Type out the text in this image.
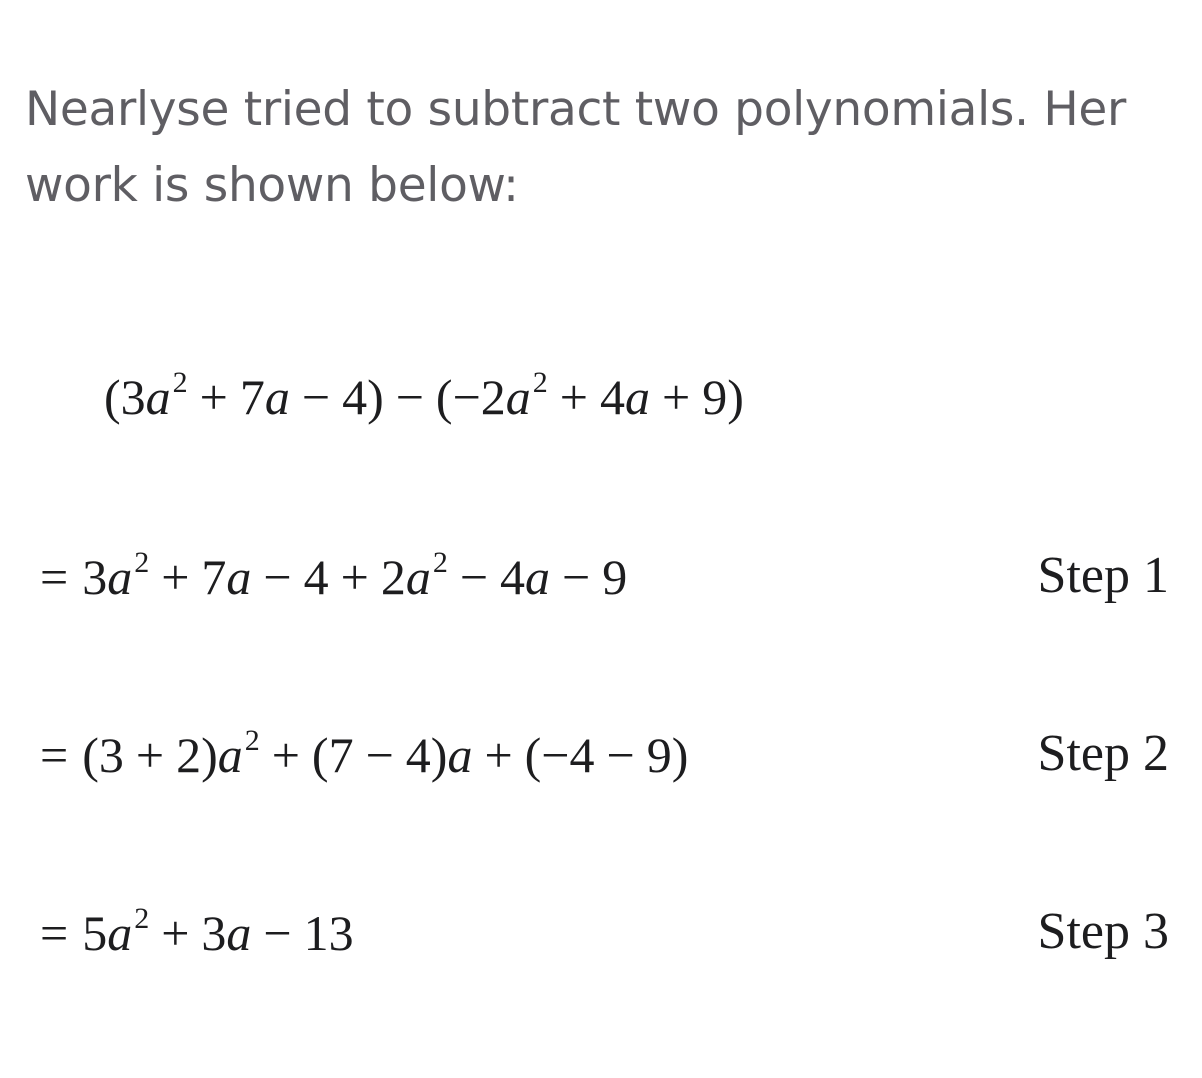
Nearlyse tried to subtract two polynomials. Her work is shown below:

$(3a^2 + 7a - 4) - (-2a^2 + 4a + 9)$
= $3a^2 + 7a - 4 + 2a^2 - 4a - 9$	Step 1
= $(3 + 2)a^2 + (7 - 4)a + (-4 - 9)$	Step 2
= $5a^2 + 3a - 13$	Step 3
